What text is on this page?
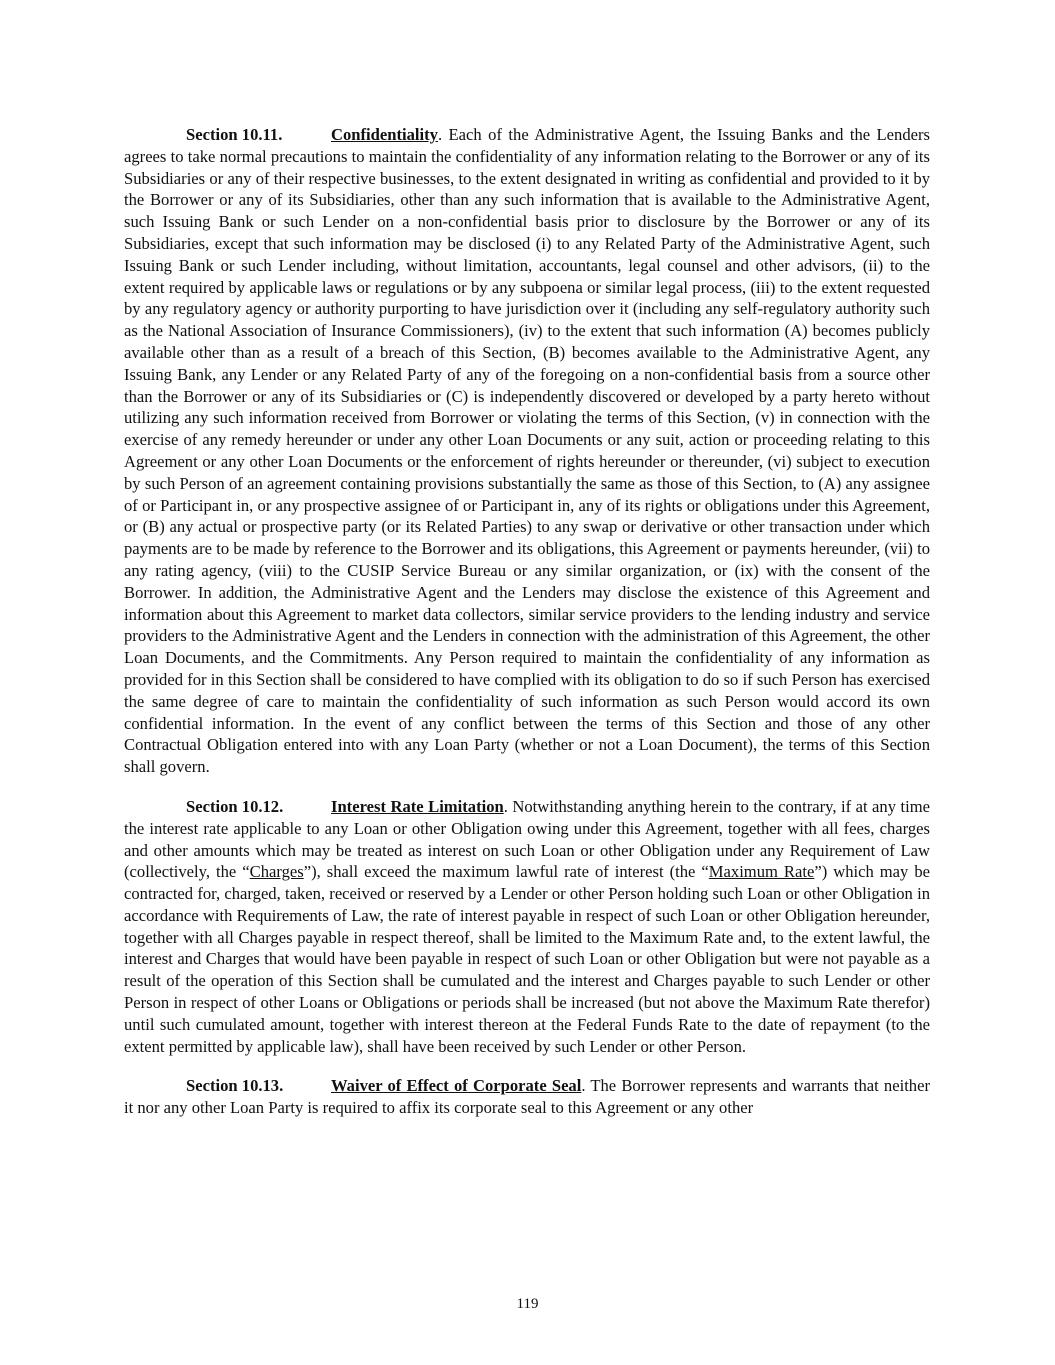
Section 10.11.	Confidentiality. Each of the Administrative Agent, the Issuing Banks and the Lenders agrees to take normal precautions to maintain the confidentiality of any information relating to the Borrower or any of its Subsidiaries or any of their respective businesses, to the extent designated in writing as confidential and provided to it by the Borrower or any of its Subsidiaries, other than any such information that is available to the Administrative Agent, such Issuing Bank or such Lender on a non-confidential basis prior to disclosure by the Borrower or any of its Subsidiaries, except that such information may be disclosed (i) to any Related Party of the Administrative Agent, such Issuing Bank or such Lender including, without limitation, accountants, legal counsel and other advisors, (ii) to the extent required by applicable laws or regulations or by any subpoena or similar legal process, (iii) to the extent requested by any regulatory agency or authority purporting to have jurisdiction over it (including any self-regulatory authority such as the National Association of Insurance Commissioners), (iv) to the extent that such information (A) becomes publicly available other than as a result of a breach of this Section, (B) becomes available to the Administrative Agent, any Issuing Bank, any Lender or any Related Party of any of the foregoing on a non-confidential basis from a source other than the Borrower or any of its Subsidiaries or (C) is independently discovered or developed by a party hereto without utilizing any such information received from Borrower or violating the terms of this Section, (v) in connection with the exercise of any remedy hereunder or under any other Loan Documents or any suit, action or proceeding relating to this Agreement or any other Loan Documents or the enforcement of rights hereunder or thereunder, (vi) subject to execution by such Person of an agreement containing provisions substantially the same as those of this Section, to (A) any assignee of or Participant in, or any prospective assignee of or Participant in, any of its rights or obligations under this Agreement, or (B) any actual or prospective party (or its Related Parties) to any swap or derivative or other transaction under which payments are to be made by reference to the Borrower and its obligations, this Agreement or payments hereunder, (vii) to any rating agency, (viii) to the CUSIP Service Bureau or any similar organization, or (ix) with the consent of the Borrower. In addition, the Administrative Agent and the Lenders may disclose the existence of this Agreement and information about this Agreement to market data collectors, similar service providers to the lending industry and service providers to the Administrative Agent and the Lenders in connection with the administration of this Agreement, the other Loan Documents, and the Commitments. Any Person required to maintain the confidentiality of any information as provided for in this Section shall be considered to have complied with its obligation to do so if such Person has exercised the same degree of care to maintain the confidentiality of such information as such Person would accord its own confidential information. In the event of any conflict between the terms of this Section and those of any other Contractual Obligation entered into with any Loan Party (whether or not a Loan Document), the terms of this Section shall govern.

Section 10.12.	Interest Rate Limitation. Notwithstanding anything herein to the contrary, if at any time the interest rate applicable to any Loan or other Obligation owing under this Agreement, together with all fees, charges and other amounts which may be treated as interest on such Loan or other Obligation under any Requirement of Law (collectively, the “Charges”), shall exceed the maximum lawful rate of interest (the “Maximum Rate”) which may be contracted for, charged, taken, received or reserved by a Lender or other Person holding such Loan or other Obligation in accordance with Requirements of Law, the rate of interest payable in respect of such Loan or other Obligation hereunder, together with all Charges payable in respect thereof, shall be limited to the Maximum Rate and, to the extent lawful, the interest and Charges that would have been payable in respect of such Loan or other Obligation but were not payable as a result of the operation of this Section shall be cumulated and the interest and Charges payable to such Lender or other Person in respect of other Loans or Obligations or periods shall be increased (but not above the Maximum Rate therefor) until such cumulated amount, together with interest thereon at the Federal Funds Rate to the date of repayment (to the extent permitted by applicable law), shall have been received by such Lender or other Person.

Section 10.13.	Waiver of Effect of Corporate Seal. The Borrower represents and warrants that neither it nor any other Loan Party is required to affix its corporate seal to this Agreement or any other

119
